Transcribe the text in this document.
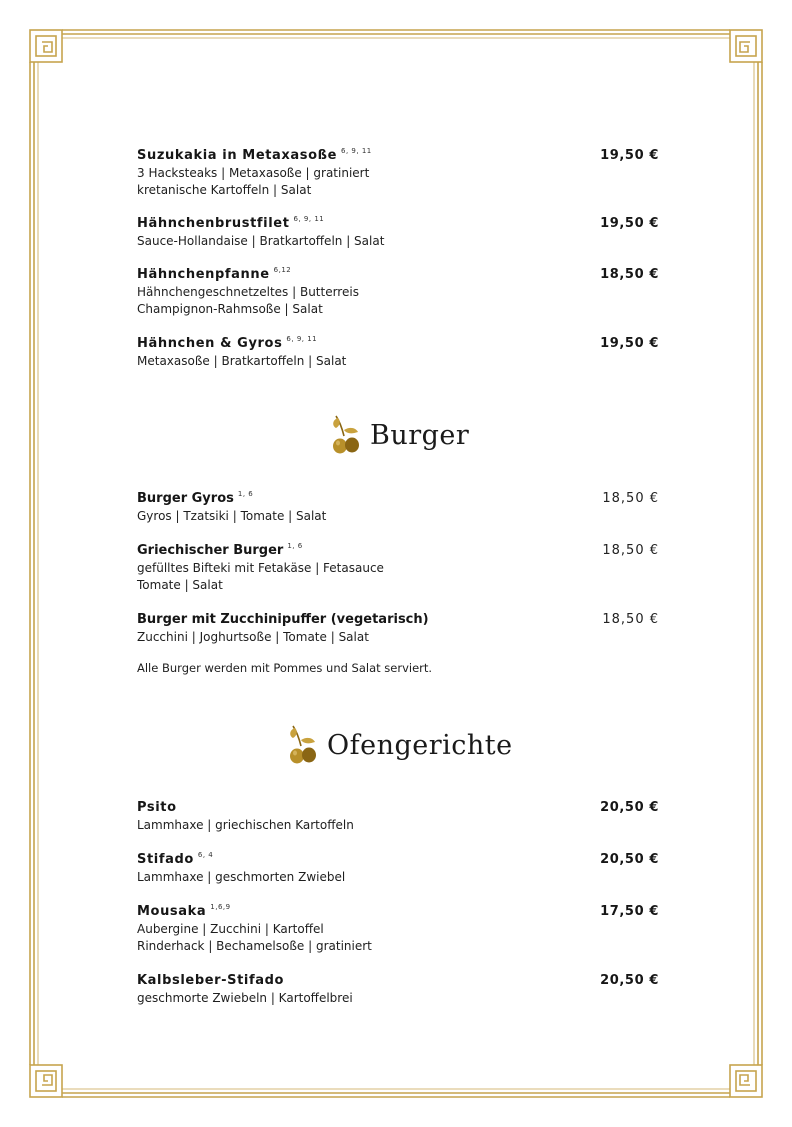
Suzukakia in Metaxasoße $^{6, 9, 11}$	19,50 €
3 Hacksteaks | Metaxasoße | gratiniert
kretanische Kartoffeln | Salat
Hähnchenbrustfilet $^{6, 9, 11}$	19,50 €
Sauce-Hollandaise | Bratkartoffeln | Salat
Hähnchenpfanne $^{6,12}$	18,50 €
Hähnchengeschnetzeltes | Butterreis
Champignon-Rahmsoße | Salat
Hähnchen & Gyros $^{6, 9, 11}$	19,50 €
Metaxasoße | Bratkartoffeln | Salat
Burger
Burger Gyros $^{1, 6}$	18,50 €
Gyros | Tzatsiki | Tomate | Salat
Griechischer Burger $^{1, 6}$	18,50 €
gefülltes Bifteki mit Fetakäse | Fetasauce
Tomate | Salat
Burger mit Zucchinipuffer (vegetarisch)	18,50 €
Zucchini | Joghurtsoße | Tomate | Salat
Alle Burger werden mit Pommes und Salat serviert.
Ofengerichte
Psito	20,50 €
Lammhaxe | griechischen Kartoffeln
Stifado $^{6, 4}$	20,50 €
Lammhaxe | geschmorten Zwiebel
Mousaka $^{1,6,9}$	17,50 €
Aubergine | Zucchini | Kartoffel
Rinderhack | Bechamelsoße | gratiniert
Kalbsleber-Stifado	20,50 €
geschmorte Zwiebeln | Kartoffelbrei
